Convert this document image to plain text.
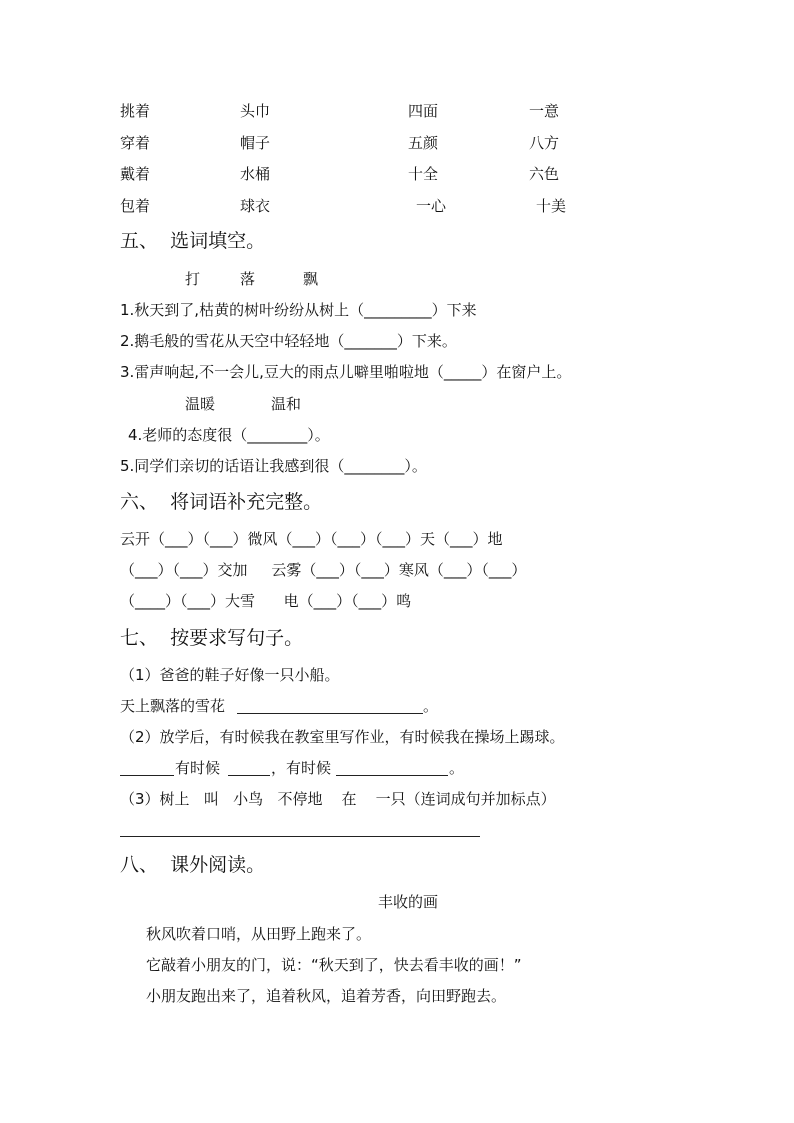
挑着	头巾	四面	一意
穿着	帽子	五颜	八方
戴着	水桶	十全	六色
包着	球衣	一心	十美
五、  选词填空。
打	落	飘
1.秋天到了,枯黄的树叶纷纷从树上（_________）下来
2.鹅毛般的雪花从天空中轻轻地（_______）下来。
3.雷声响起,不一会儿,豆大的雨点儿噼里啪啦地（_____）在窗户上。
温暖	温和
4.老师的态度很（________）。
5.同学们亲切的话语让我感到很（________）。
六、  将词语补充完整。
云开（___）（___）微风（___）（___）（___）天（___）地
（___）（___）交加     云雾（___）（___）寒风（___）（___）
（____）（___）大雪      电（___）（___）鸣
七、  按要求写句子。
（1）爸爸的鞋子好像一只小船。
天上飘落的雪花	。
（2）放学后，有时候我在教室里写作业，有时候我在操场上踢球。
有时候	，有时候	。
（3）树上   叫   小鸟   不停地    在    一只（连词成句并加标点）
八、  课外阅读。
丰收的画
秋风吹着口哨，从田野上跑来了。
它敲着小朋友的门，说：“秋天到了，快去看丰收的画！”
小朋友跑出来了，追着秋风，追着芳香，向田野跑去。
